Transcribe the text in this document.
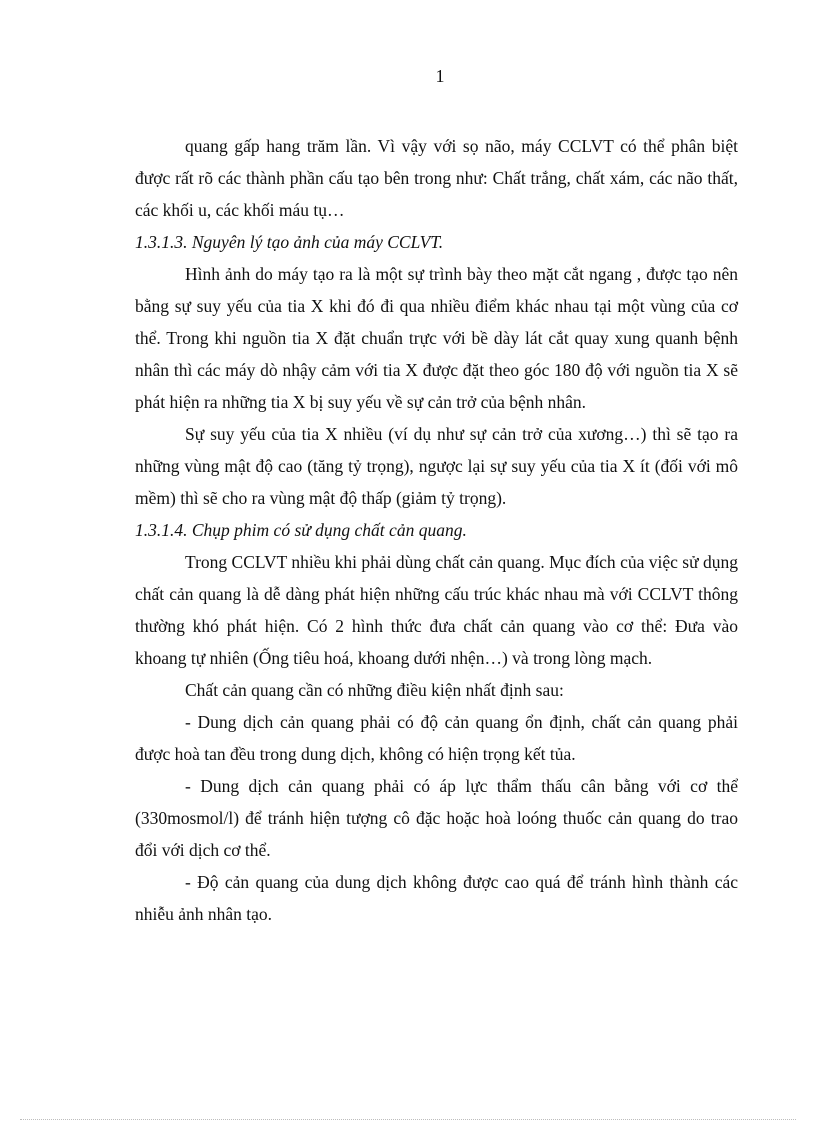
1

quang gấp hang trăm lần. Vì vậy với sọ não, máy CCLVT có thể phân biệt được rất rõ các thành phần cấu tạo bên trong như: Chất trắng, chất xám, các não thất, các khối u, các khối máu tụ…

1.3.1.3. Nguyên lý tạo ảnh của máy CCLVT.

Hình ảnh do máy tạo ra là một sự trình bày theo mặt cắt ngang , được tạo nên bằng sự suy yếu của tia X khi đó đi qua nhiều điểm khác nhau tại một vùng của cơ thể. Trong khi nguồn tia X đặt chuẩn trực với bề dày lát cắt quay xung quanh bệnh nhân thì các máy dò nhậy cảm với tia X được đặt theo góc 180 độ với nguồn tia X sẽ phát hiện ra những tia X bị suy yếu về sự cản trở của bệnh nhân.

Sự suy yếu của tia X nhiều (ví dụ như sự cản trở của xương…) thì sẽ tạo ra những vùng mật độ cao (tăng tỷ trọng), ngược lại sự suy yếu của tia X ít (đối với mô mềm) thì sẽ cho ra vùng mật độ thấp (giảm tỷ trọng).

1.3.1.4. Chụp phim có sử dụng chất cản quang.

Trong CCLVT nhiều khi phải dùng chất cản quang. Mục đích của việc sử dụng chất cản quang là dễ dàng phát hiện những cấu trúc khác nhau mà với CCLVT thông thường khó phát hiện. Có 2 hình thức đưa chất cản quang vào cơ thể: Đưa vào khoang tự nhiên (Ống tiêu hoá, khoang dưới nhện…) và trong lòng mạch.

Chất cản quang cần có những điều kiện nhất định sau:

- Dung dịch cản quang phải có độ cản quang ổn định, chất cản quang phải được hoà tan đều trong dung dịch, không có hiện trọng kết tủa.

- Dung dịch cản quang phải có áp lực thẩm thấu cân bằng với cơ thể (330mosmol/l) để tránh hiện tượng cô đặc hoặc hoà loóng thuốc cản quang do trao đổi với dịch cơ thể.

- Độ cản quang của dung dịch không được cao quá để tránh hình thành các nhiễu ảnh nhân tạo.
